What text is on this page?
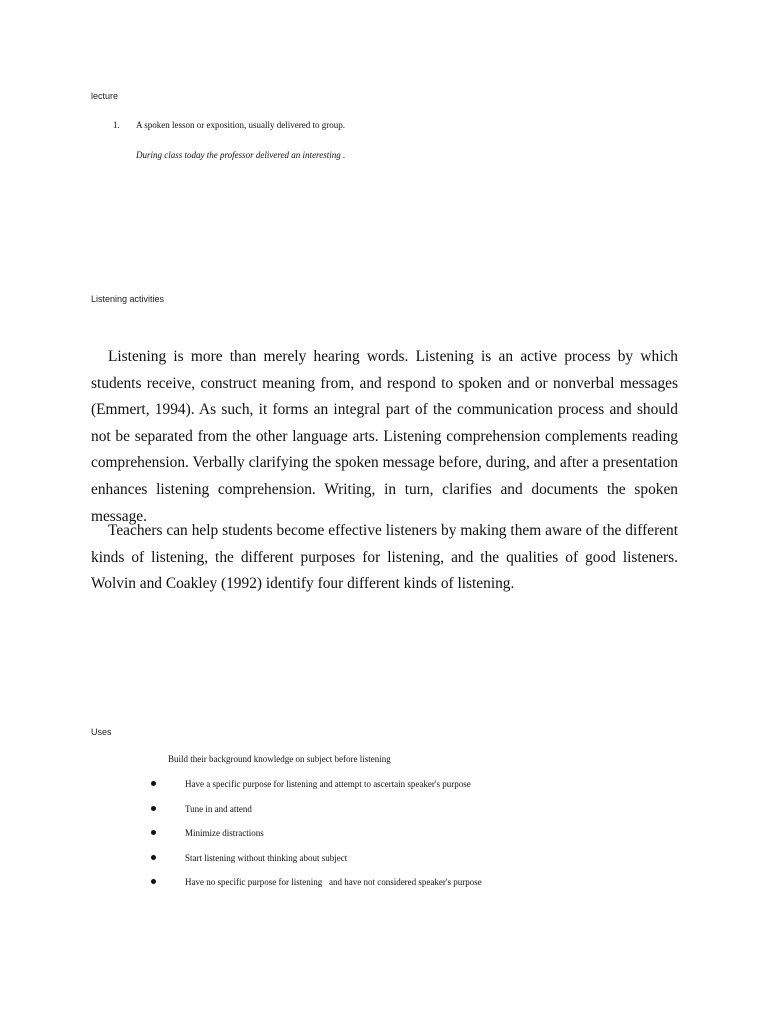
lecture
1. A spoken lesson or exposition, usually delivered to group.
During class today the professor delivered an interesting .
Listening activities

Listening is more than merely hearing words. Listening is an active process by which students receive, construct meaning from, and respond to spoken and or nonverbal messages (Emmert, 1994). As such, it forms an integral part of the communication process and should not be separated from the other language arts. Listening comprehension complements reading comprehension. Verbally clarifying the spoken message before, during, and after a presentation enhances listening comprehension. Writing, in turn, clarifies and documents the spoken message.

Teachers can help students become effective listeners by making them aware of the different kinds of listening, the different purposes for listening, and the qualities of good listeners. Wolvin and Coakley (1992) identify four different kinds of listening.

Uses
Build their background knowledge on subject before listening
Have a specific purpose for listening and attempt to ascertain speaker's purpose
Tune in and attend
Minimize distractions
Start listening without thinking about subject
Have no specific purpose for listening   and have not considered speaker's purpose
